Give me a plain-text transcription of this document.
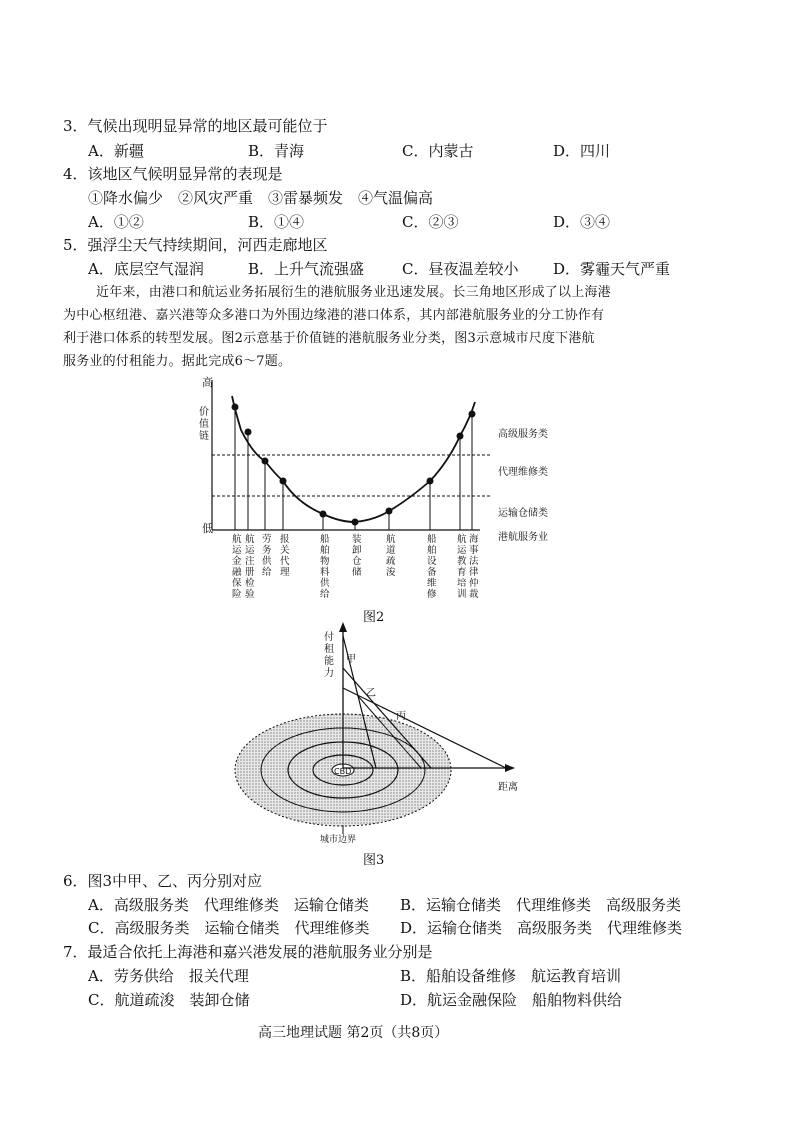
3．气候出现明显异常的地区最可能位于
A．新疆	B．青海	C．内蒙古	D．四川
4．该地区气候明显异常的表现是
①降水偏少　②风灾严重　③雷暴频发　④气温偏高
A．①②	B．①④	C．②③	D．③④
5．强浮尘天气持续期间，河西走廊地区
A．底层空气湿润	B．上升气流强盛	C．昼夜温差较小 D．雾霾天气严重
近年来，由港口和航运业务拓展衍生的港航服务业迅速发展。长三角地区形成了以上海港
为中心枢纽港、嘉兴港等众多港口为外围边缘港的港口体系，其内部港航服务业的分工协作有
利于港口体系的转型发展。图2示意基于价值链的港航服务业分类，图3示意城市尺度下港航
服务业的付租能力。据此完成6～7题。
高
低
价值链	高级服务类
代理维修类
运输仓储类
港航服务业
航运金融保险
航运注册检验
劳务供给
报关代理
船舶物料供给
装卸仓储
航道疏浚
船舶设备维修
航运教育培训
海事法律仲裁
图2
CBD
距离
付租能力
甲
乙
丙
城市边界
图3
6．图3中甲、乙、丙分别对应
A．高级服务类　代理维修类　运输仓储类 B．运输仓储类　代理维修类　高级服务类
C．高级服务类　运输仓储类　代理维修类 D．运输仓储类　高级服务类　代理维修类
7．最适合依托上海港和嘉兴港发展的港航服务业分别是
A．劳务供给　报关代理	B．船舶设备维修　航运教育培训
C．航道疏浚　装卸仓储	D．航运金融保险　船舶物料供给
高三地理试题 第2页（共8页）
